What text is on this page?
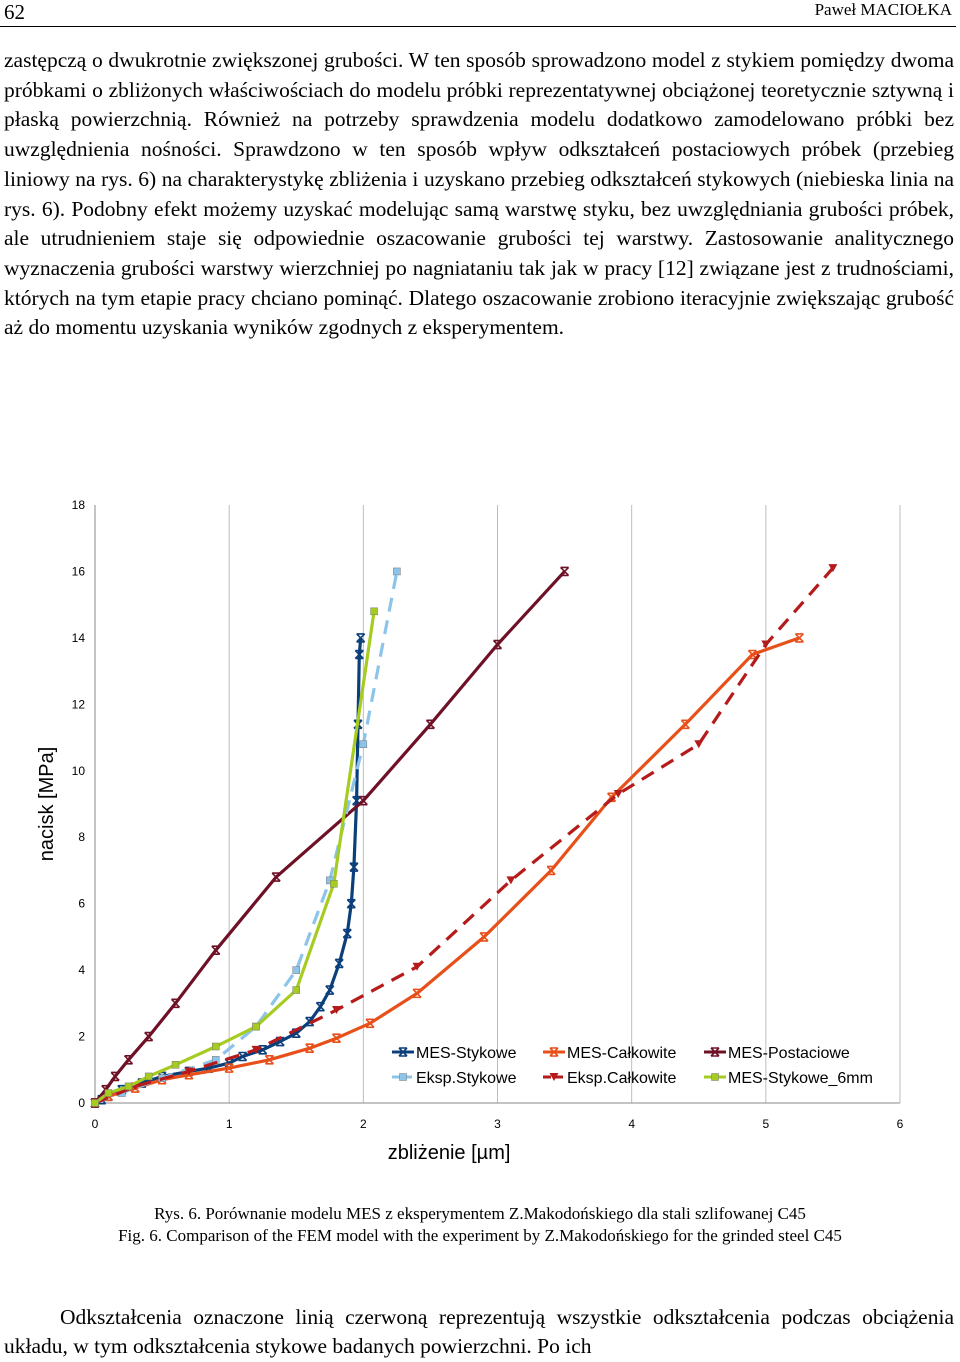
62	Paweł MACIOŁKA

zastępczą o dwukrotnie zwiększonej grubości. W ten sposób sprowadzono model z stykiem pomiędzy dwoma próbkami o zbliżonych właściwościach do modelu próbki reprezentatywnej obciążonej teoretycznie sztywną i płaską powierzchnią. Również na potrzeby sprawdzenia modelu dodatkowo zamodelowano próbki bez uwzględnienia nośności. Sprawdzono w ten sposób wpływ odkształceń postaciowych próbek (przebieg liniowy na rys. 6) na charakterystykę zbliżenia i uzyskano przebieg odkształceń stykowych (niebieska linia na rys. 6). Podobny efekt możemy uzyskać modelując samą warstwę styku, bez uwzględniania grubości próbek, ale utrudnieniem staje się odpowiednie oszacowanie grubości tej warstwy. Zastosowanie analitycznego wyznaczenia grubości warstwy wierzchniej po nagniataniu tak jak w pracy [12] związane jest z trudnościami, których na tym etapie pracy chciano pominąć. Dlatego oszacowanie zrobiono iteracyjnie zwiększając grubość aż do momentu uzyskania wyników zgodnych z eksperymentem.

0
2
4
6
8
10
12
14
16
18
0	1	2	3	4	5	6
zbliżenie [µm]
nacisk [MPa]
MES-Stykowe	MES-Całkowite	MES-Postaciowe
Eksp.Stykowe	Eksp.Całkowite	MES-Stykowe_6mm

Rys. 6. Porównanie modelu MES z eksperymentem Z.Makodońskiego dla stali szlifowanej C45

Fig. 6. Comparison of the FEM model with the experiment by Z.Makodońskiego for the grinded steel C45

Odkształcenia oznaczone linią czerwoną reprezentują wszystkie odkształcenia podczas obciążenia układu, w tym odkształcenia stykowe badanych powierzchni. Po ich
